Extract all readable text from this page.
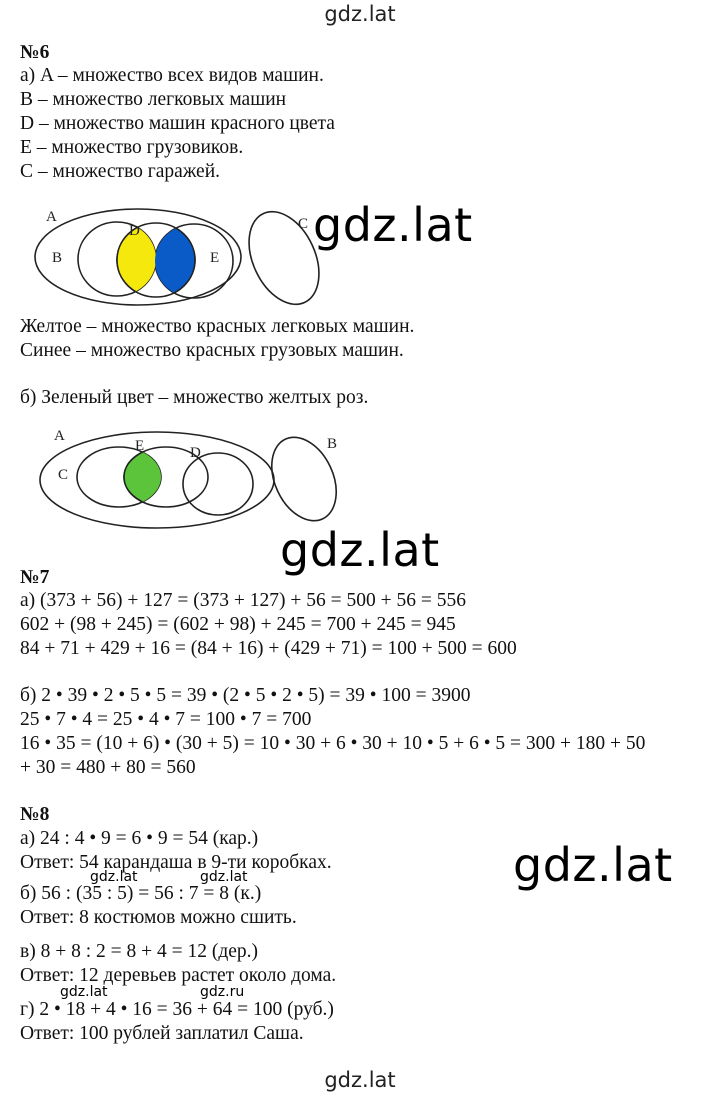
gdz.lat
№6
а) A – множество всех видов машин.
B – множество легковых машин
D – множество машин красного цвета
E – множество грузовиков.
C – множество гаражей.
A
B
D
E
C gdz.lat
Желтое – множество красных легковых машин.
Синее – множество красных грузовых машин.
б) Зеленый цвет – множество желтых роз.
A
C
E	D
B
gdz.lat
№7
а) (373 + 56) + 127 = (373 + 127) + 56 = 500 + 56 = 556
602 + (98 + 245) = (602 + 98) + 245 = 700 + 245 = 945
84 + 71 + 429 + 16 = (84 + 16) + (429 + 71) = 100 + 500 = 600
б) 2 • 39 • 2 • 5 • 5 = 39 • (2 • 5 • 2 • 5) = 39 • 100 = 3900
25 • 7 • 4 = 25 • 4 • 7 = 100 • 7 = 700
16 • 35 = (10 + 6) • (30 + 5) = 10 • 30 + 6 • 30 + 10 • 5 + 6 • 5 = 300 + 180 + 50
+ 30 = 480 + 80 = 560
№8
а) 24 : 4 • 9 = 6 • 9 = 54 (кар.)
Ответ: 54 карандаша в 9-ти коробках.
б) 56 : (35 : 5) = 56 : 7 = 8 (к.)
Ответ: 8 костюмов можно сшить.
в) 8 + 8 : 2 = 8 + 4 = 12 (дер.)
Ответ: 12 деревьев растет около дома.
г) 2 • 18 + 4 • 16 = 36 + 64 = 100 (руб.)
Ответ: 100 рублей заплатил Саша.
gdz.lat
gdz.lat	gdz.lat
gdz.lat	gdz.ru
gdz.lat
